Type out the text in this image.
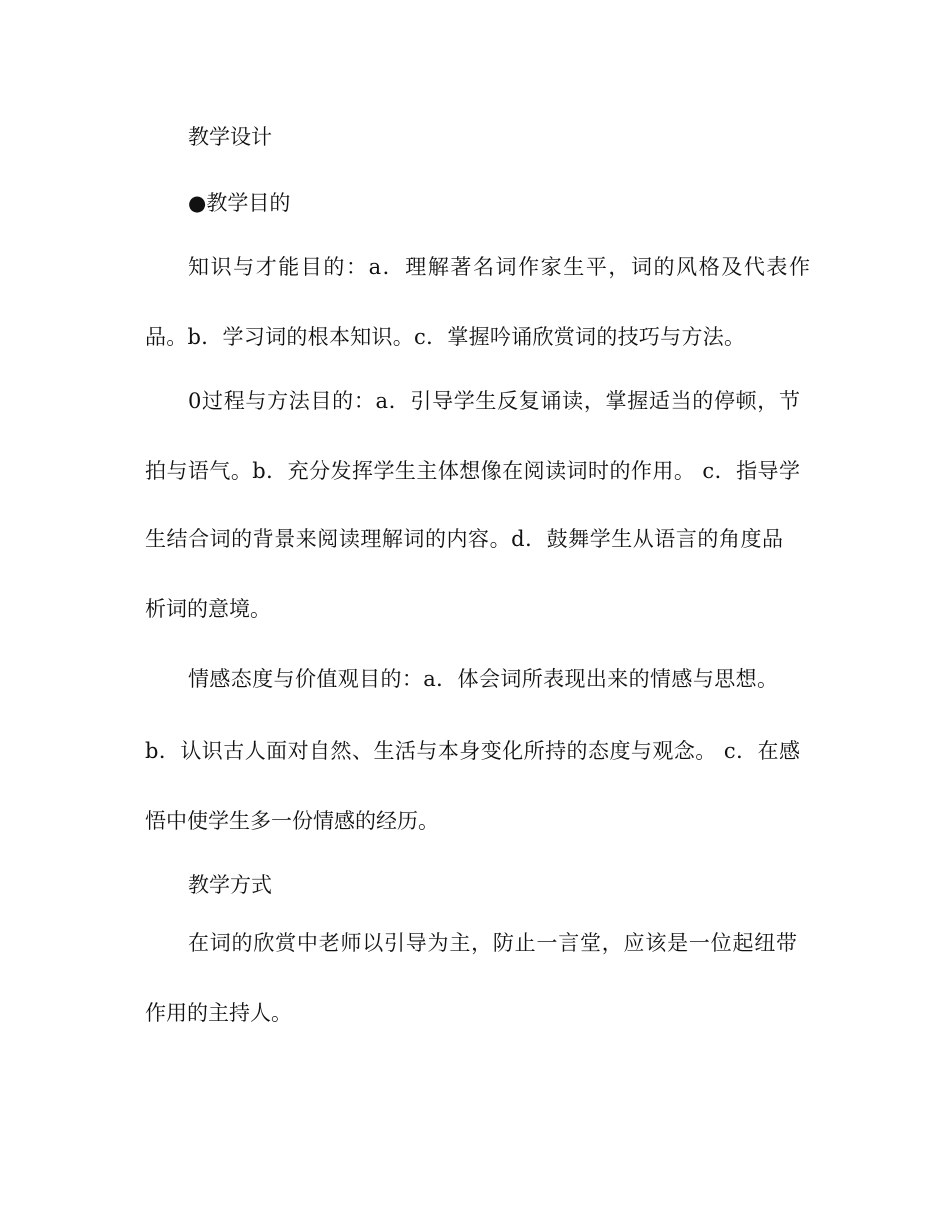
教学设计
●教学目的
知识与才能目的：a．理解著名词作家生平，词的风格及代表作
品。b．学习词的根本知识。c．掌握吟诵欣赏词的技巧与方法。
0过程与方法目的：a．引导学生反复诵读，掌握适当的停顿，节
拍与语气。b．充分发挥学生主体想像在阅读词时的作用。 c．指导学
生结合词的背景来阅读理解词的内容。d．鼓舞学生从语言的角度品
析词的意境。
情感态度与价值观目的：a．体会词所表现出来的情感与思想。
b．认识古人面对自然、生活与本身变化所持的态度与观念。 c．在感
悟中使学生多一份情感的经历。
教学方式
在词的欣赏中老师以引导为主，防止一言堂，应该是一位起纽带
作用的主持人。
